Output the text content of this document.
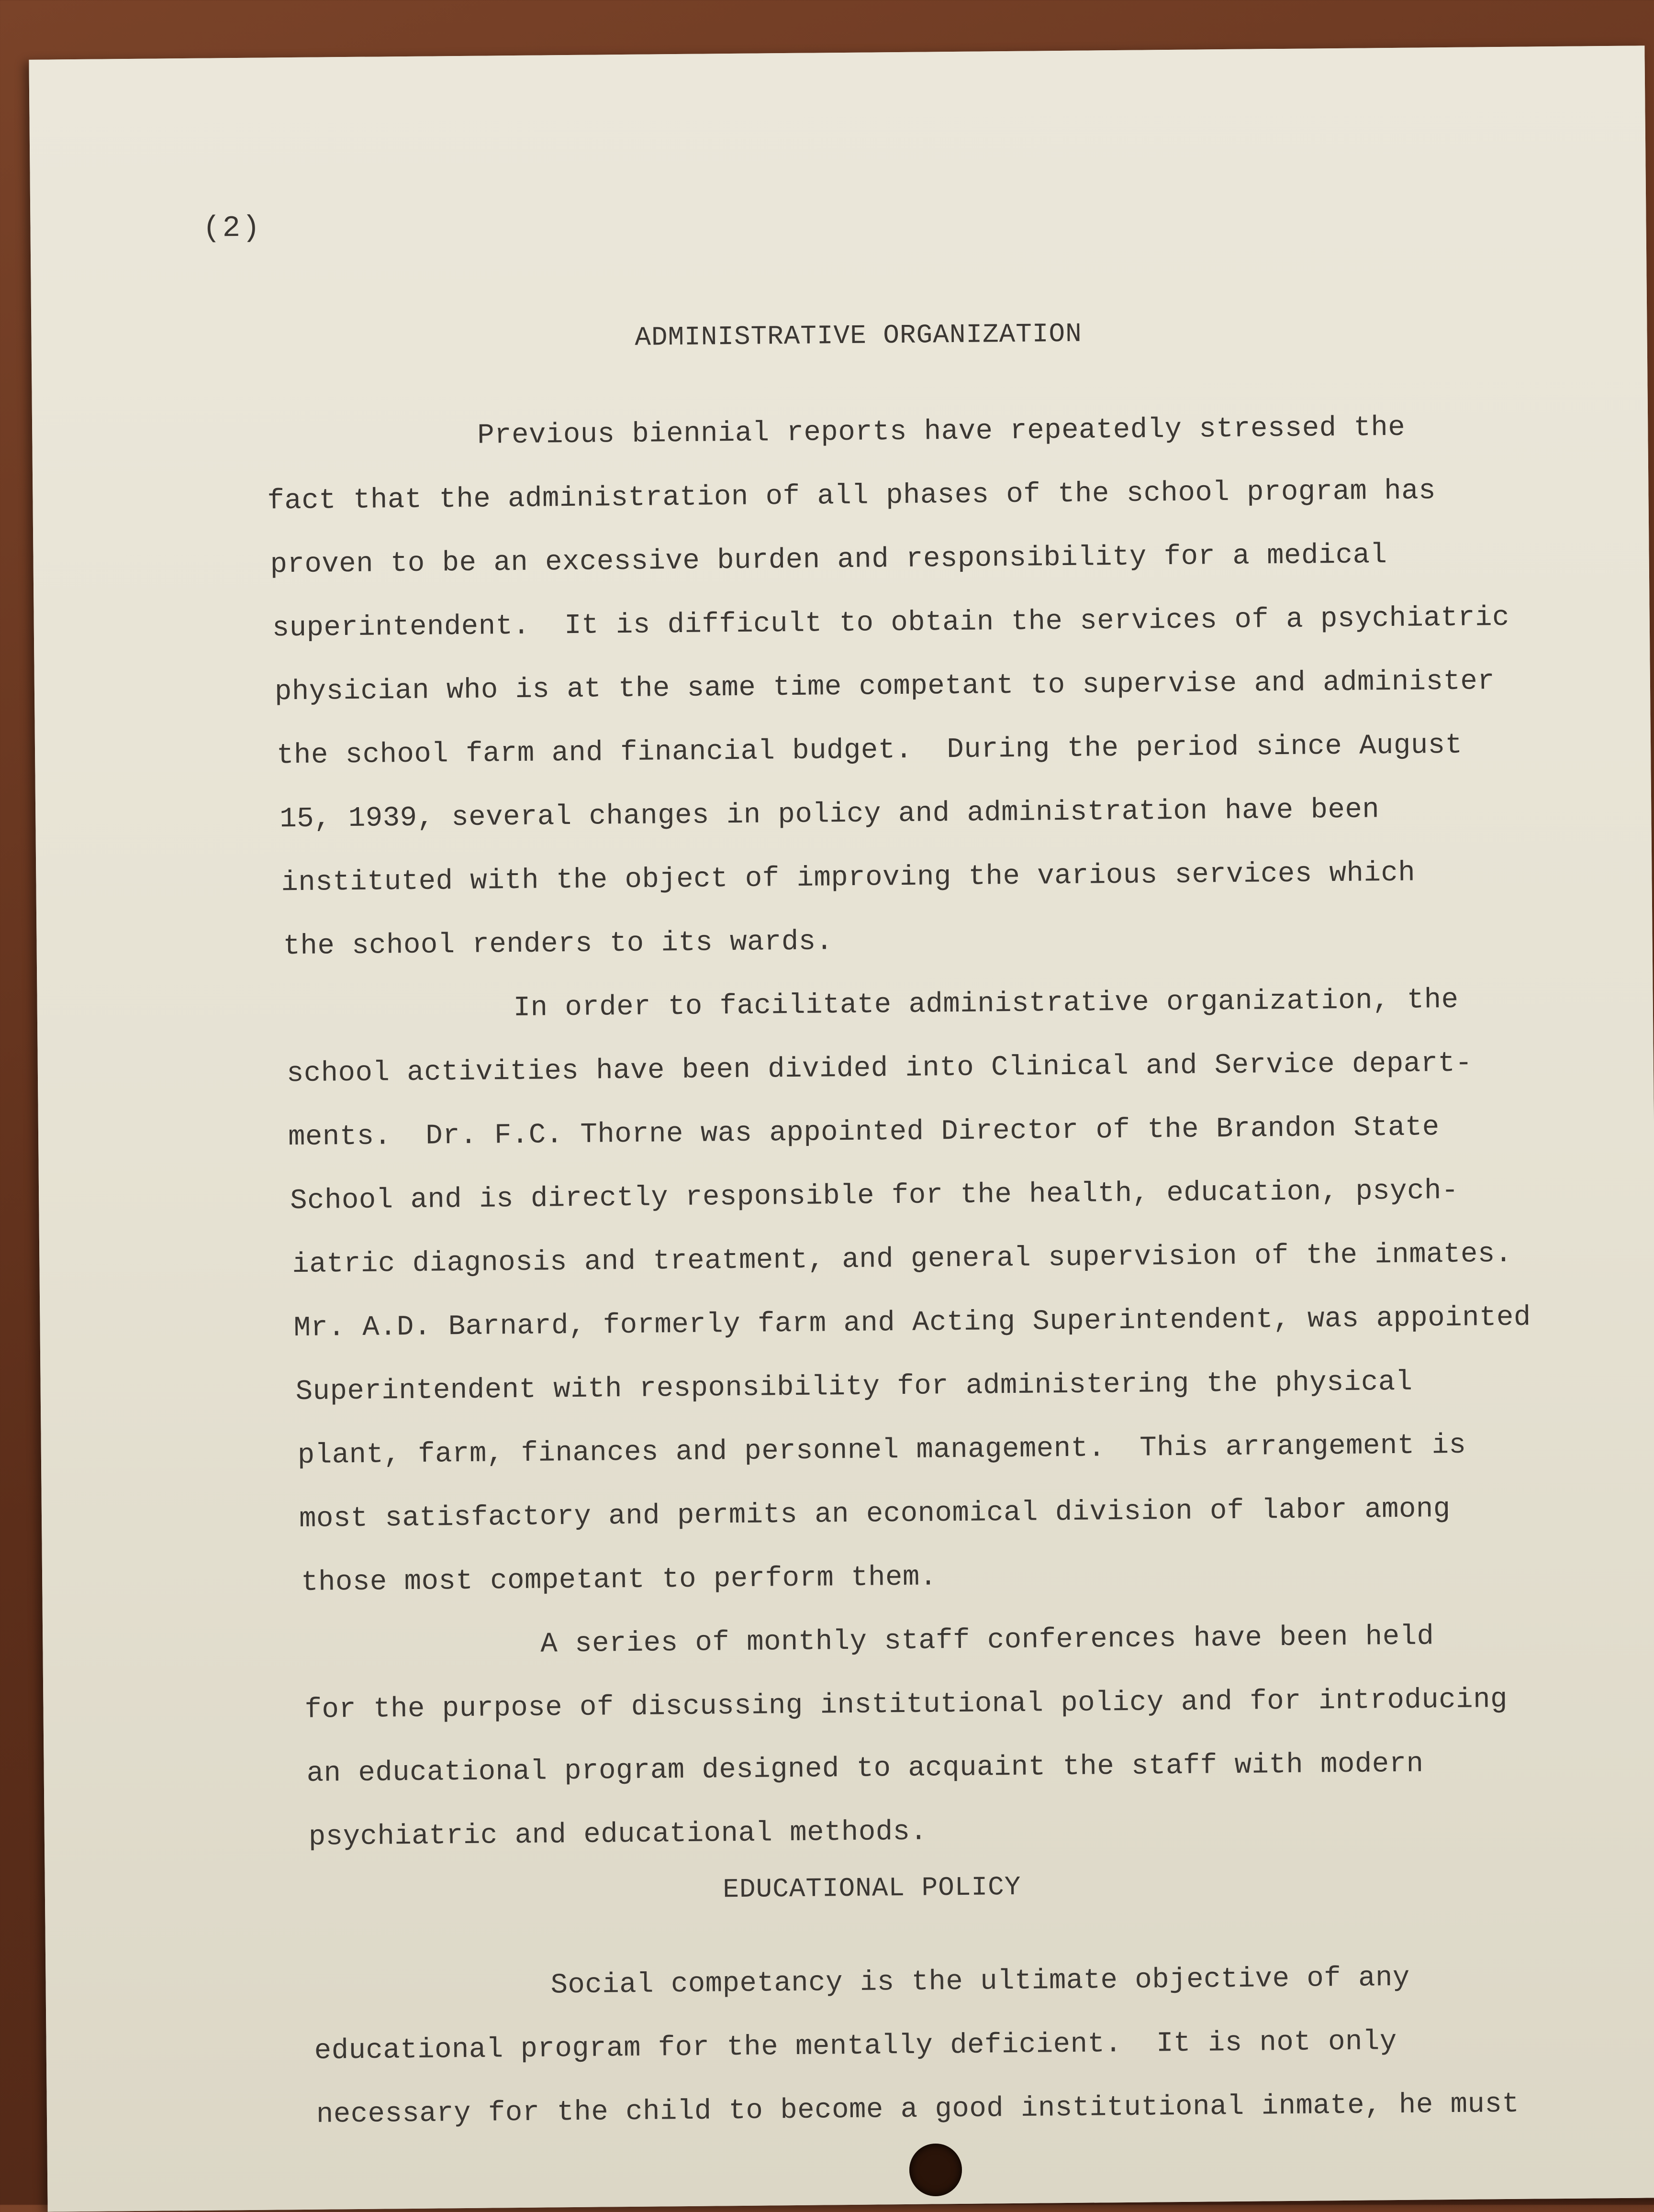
(2)
ADMINISTRATIVE ORGANIZATION
Previous biennial reports have repeatedly stressed the
fact that the administration of all phases of the school program has
proven to be an excessive burden and responsibility for a medical
superintendent.  It is difficult to obtain the services of a psychiatric
physician who is at the same time competant to supervise and administer
the school farm and financial budget.  During the period since August
15, 1939, several changes in policy and administration have been
instituted with the object of improving the various services which
the school renders to its wards.
In order to facilitate administrative organization, the
school activities have been divided into Clinical and Service depart-
ments.  Dr. F.C. Thorne was appointed Director of the Brandon State
School and is directly responsible for the health, education, psych-
iatric diagnosis and treatment, and general supervision of the inmates.
Mr. A.D. Barnard, formerly farm and Acting Superintendent, was appointed
Superintendent with responsibility for administering the physical
plant, farm, finances and personnel management.  This arrangement is
most satisfactory and permits an economical division of labor among
those most competant to perform them.
A series of monthly staff conferences have been held
for the purpose of discussing institutional policy and for introducing
an educational program designed to acquaint the staff with modern
psychiatric and educational methods.
EDUCATIONAL POLICY
Social competancy is the ultimate objective of any
educational program for the mentally deficient.  It is not only
necessary for the child to become a good institutional inmate, he must
